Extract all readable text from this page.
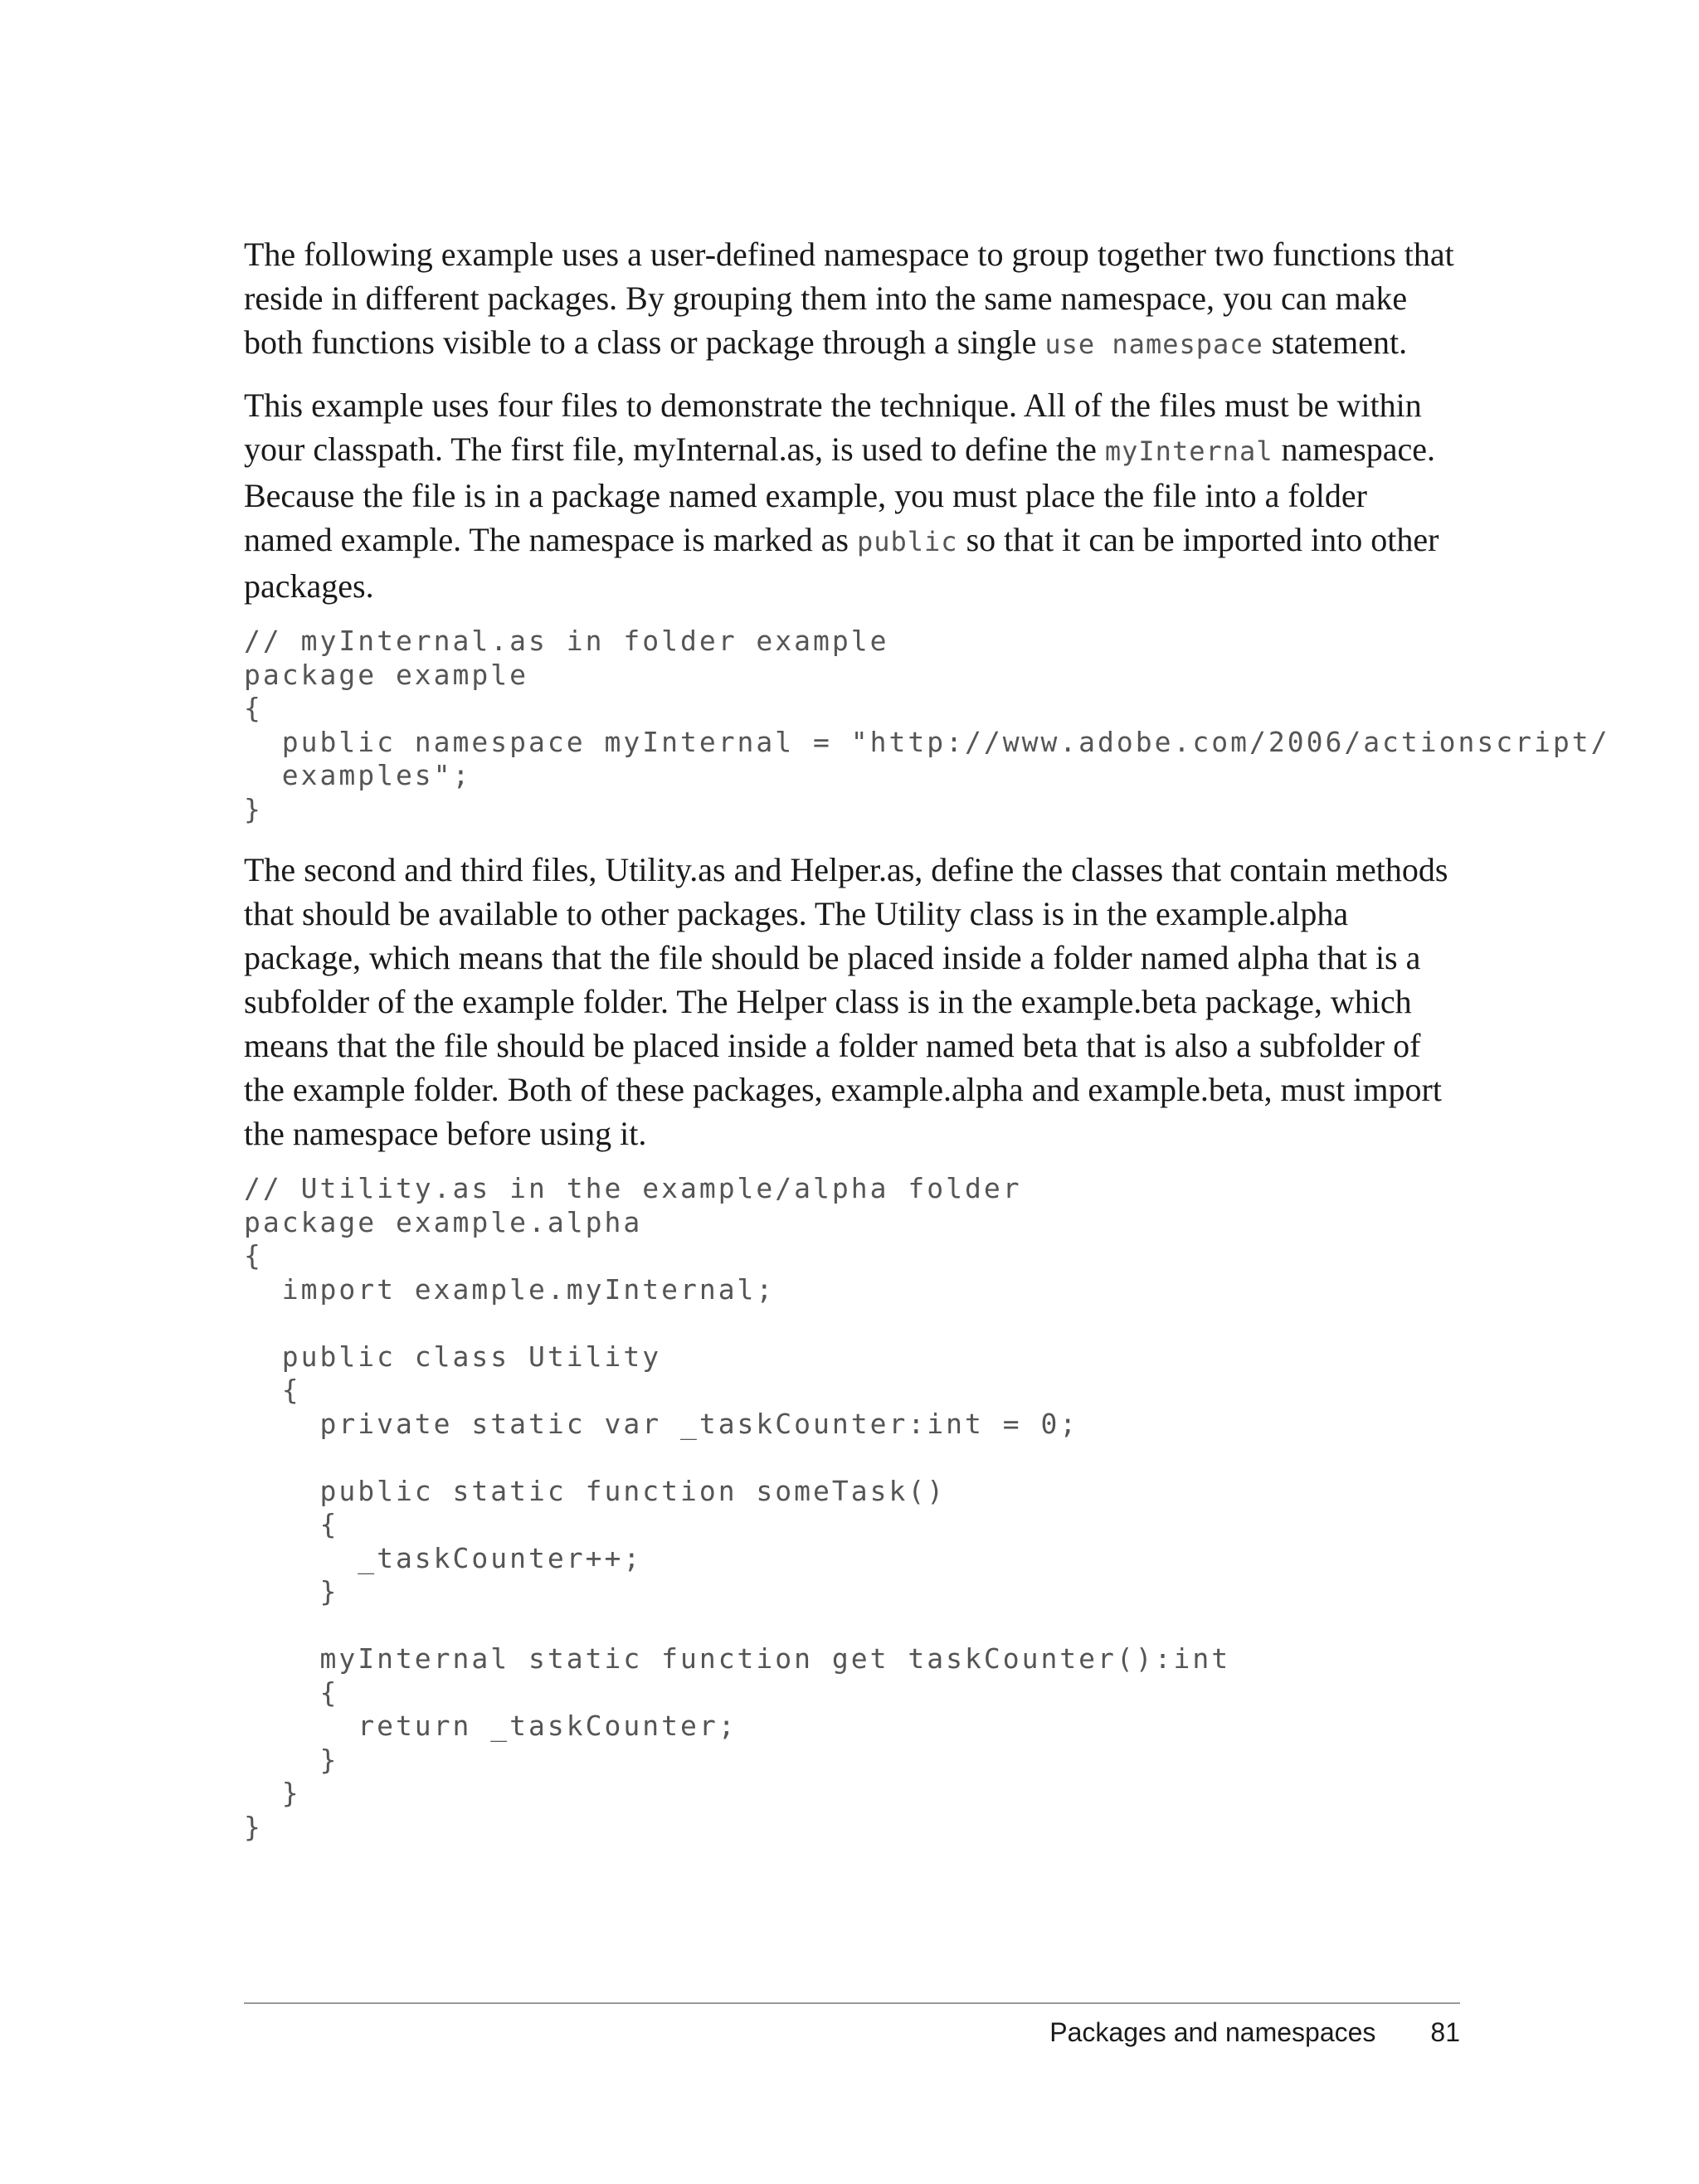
The following example uses a user-defined namespace to group together two functions that reside in different packages. By grouping them into the same namespace, you can make both functions visible to a class or package through a single use namespace statement.

This example uses four files to demonstrate the technique. All of the files must be within your classpath. The first file, myInternal.as, is used to define the myInternal namespace. Because the file is in a package named example, you must place the file into a folder named example. The namespace is marked as public so that it can be imported into other packages.

// myInternal.as in folder example
package example
{
public namespace myInternal = "http://www.adobe.com/2006/actionscript/
examples";
}

The second and third files, Utility.as and Helper.as, define the classes that contain methods that should be available to other packages. The Utility class is in the example.alpha package, which means that the file should be placed inside a folder named alpha that is a subfolder of the example folder. The Helper class is in the example.beta package, which means that the file should be placed inside a folder named beta that is also a subfolder of the example folder. Both of these packages, example.alpha and example.beta, must import the namespace before using it.

// Utility.as in the example/alpha folder
package example.alpha
{
import example.myInternal;

public class Utility
{
private static var _taskCounter:int = 0;

public static function someTask()
{
_taskCounter++;
}

myInternal static function get taskCounter():int
{
return _taskCounter;
}
}
}
Packages and namespaces 81
